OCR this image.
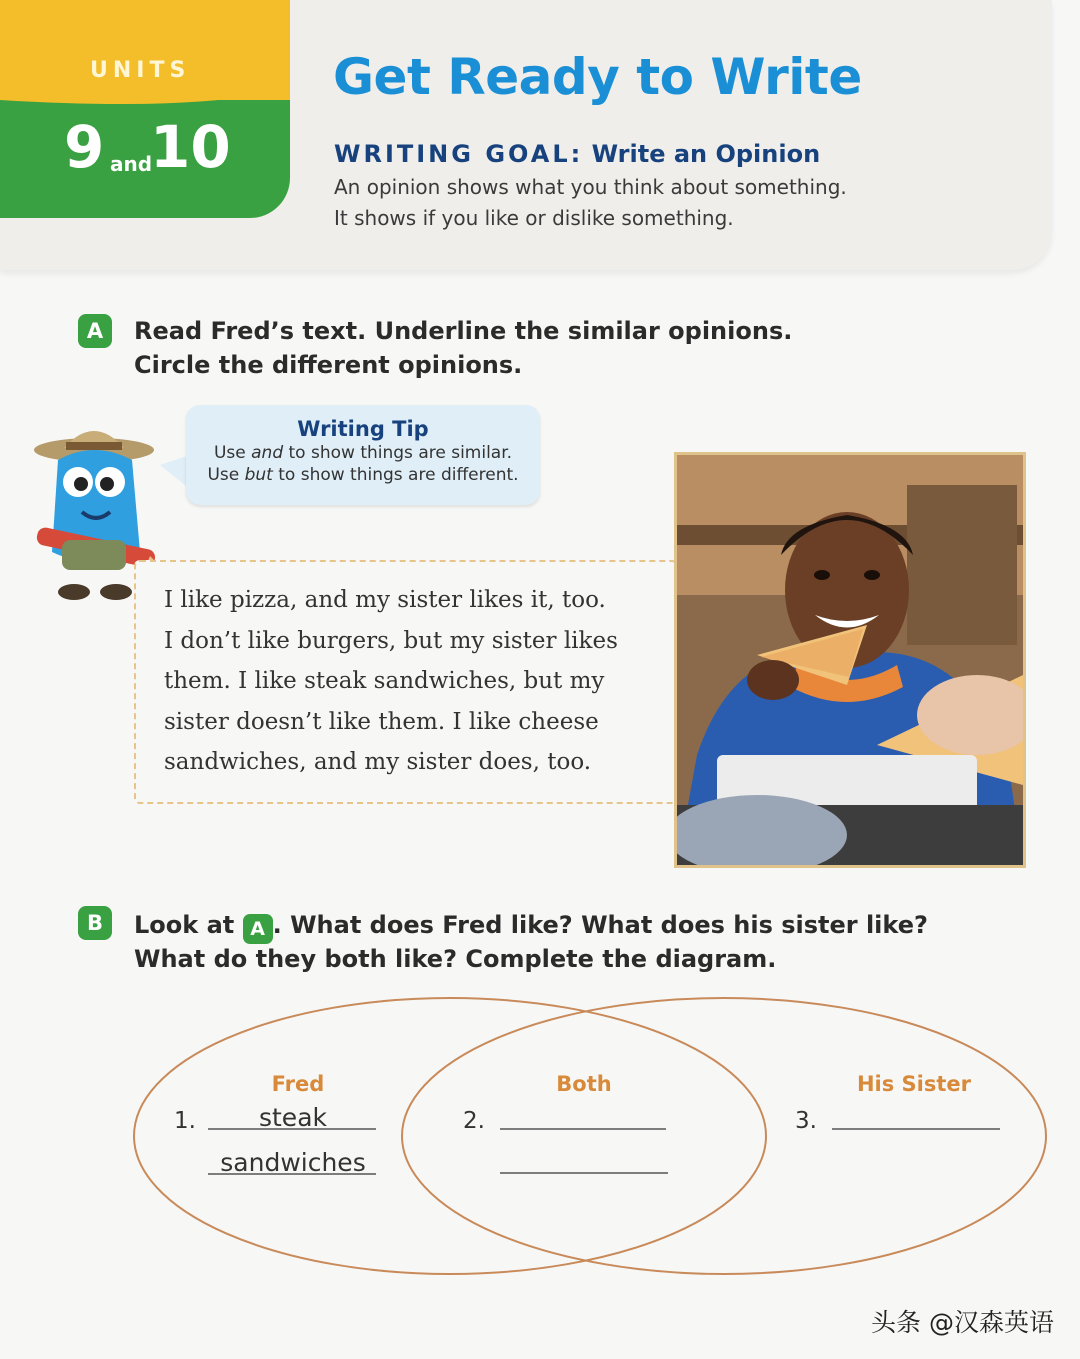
UNITS
9 and
10
Get Ready to Write
WRITING GOAL: Write an Opinion
An opinion shows what you think about something.
It shows if you like or dislike something.
A	Read Fred’s text. Underline the similar opinions.
Circle the different opinions.
Writing Tip
Use and to show things are similar.
Use but to show things are different.
I like pizza, and my sister likes it, too.
I don’t like burgers, but my sister likes
them. I like steak sandwiches, but my
sister doesn’t like them. I like cheese
sandwiches, and my sister does, too.
B	Look at A . What does Fred like? What does his sister like?
What do they both like? Complete the diagram.
Fred	Both	His Sister
1.	2.	3.
steak
sandwiches
头条 @汉森英语
